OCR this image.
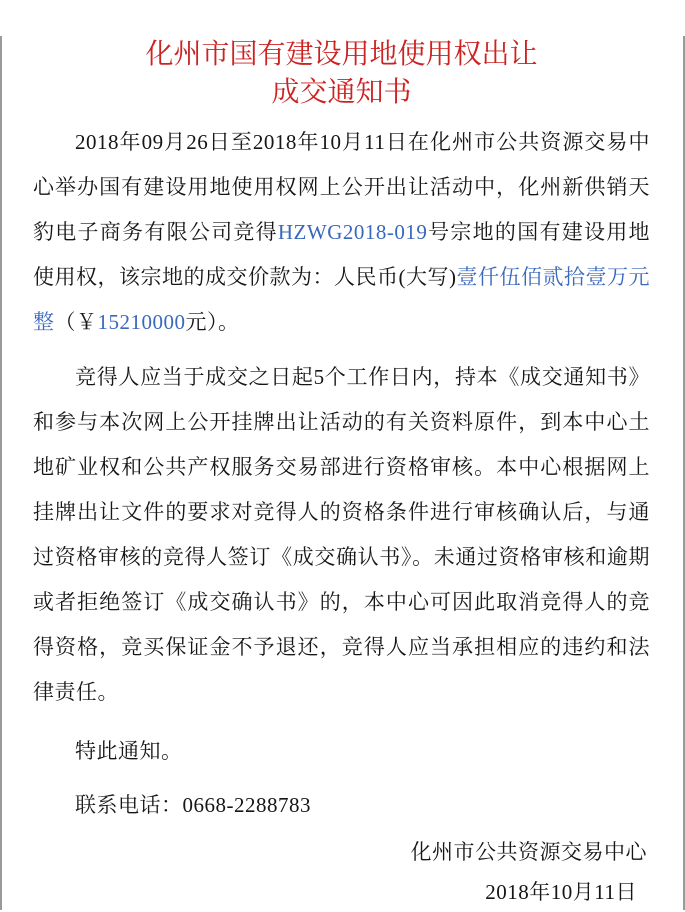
化州市国有建设用地使用权出让
成交通知书

2018年09月26日至2018年10月11日在化州市公共资源交易中心举办国有建设用地使用权网上公开出让活动中，化州新供销天豹电子商务有限公司竞得HZWG2018-019号宗地的国有建设用地使用权，该宗地的成交价款为：人民币(大写)壹仟伍佰贰拾壹万元整（￥15210000元）。

竞得人应当于成交之日起5个工作日内，持本《成交通知书》和参与本次网上公开挂牌出让活动的有关资料原件，到本中心土地矿业权和公共产权服务交易部进行资格审核。本中心根据网上挂牌出让文件的要求对竞得人的资格条件进行审核确认后，与通过资格审核的竞得人签订《成交确认书》。未通过资格审核和逾期或者拒绝签订《成交确认书》的，本中心可因此取消竞得人的竞得资格，竞买保证金不予退还，竞得人应当承担相应的违约和法律责任。

特此通知。

联系电话：0668-2288783

化州市公共资源交易中心
2018年10月11日
